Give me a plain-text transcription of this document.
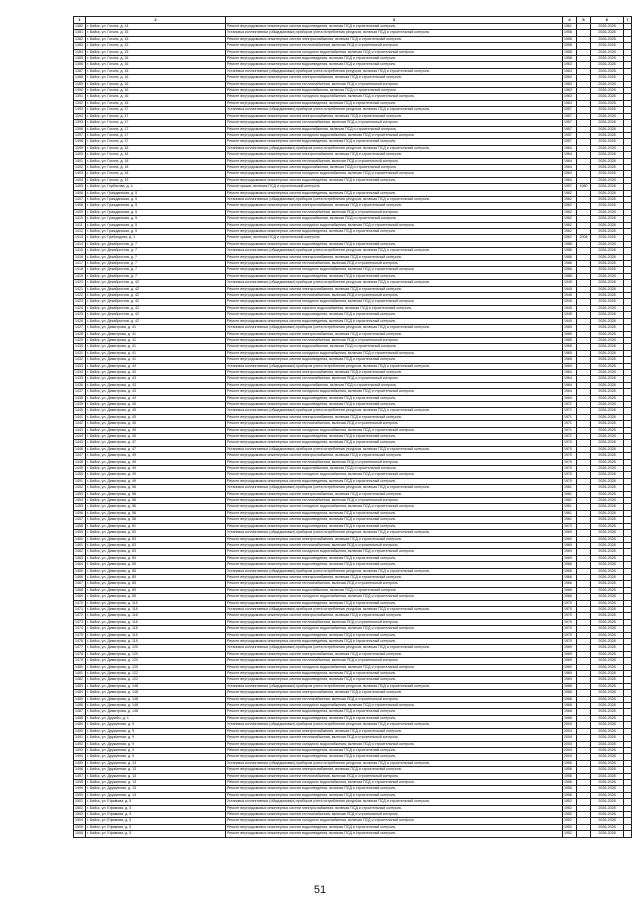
1	2	3	4	5	6	7
1380	г. Бийск, ул. Гоголя, д. 14	Ремонт внутридомовых инженерных систем водоотведения, включая ПСД и строительный контроль	1961		2026-2028	
1381	г. Бийск, ул. Гоголя, д. 15	Установка коллективных (общедомовых) приборов учета потребления ресурсов, включая ПСД и строительный контроль	1958		2026-2028	
1382	г. Бийск, ул. Гоголя, д. 15	Ремонт внутридомовых инженерных систем электроснабжения, включая ПСД и строительный контроль	1958		2026-2028	
1383	г. Бийск, ул. Гоголя, д. 15	Ремонт внутридомовых инженерных систем теплоснабжения, включая ПСД и строительный контроль	1958		2026-2028	
1384	г. Бийск, ул. Гоголя, д. 15	Ремонт внутридомовых инженерных систем холодного водоснабжения, включая ПСД и строительный контроль	1958		2026-2028	
1385	г. Бийск, ул. Гоголя, д. 15	Ремонт внутридомовых инженерных систем водоотведения, включая ПСД и строительный контроль	1958		2026-2028	
1386	г. Бийск, ул. Гоголя, д. 16	Ремонт внутридомовых инженерных систем водоотведения, включая ПСД и строительный контроль	1963		2026-2028	
1387	г. Бийск, ул. Гоголя, д. 16	Установка коллективных (общедомовых) приборов учета потребления ресурсов, включая ПСД и строительный контроль	1963		2026-2028	
1388	г. Бийск, ул. Гоголя, д. 16	Ремонт внутридомовых инженерных систем электроснабжения, включая ПСД и строительный контроль	1963		2026-2028	
1389	г. Бийск, ул. Гоголя, д. 16	Ремонт внутридомовых инженерных систем теплоснабжения, включая ПСД и строительный контроль	1963		2026-2028	
1390	г. Бийск, ул. Гоголя, д. 16	Ремонт внутридомовых инженерных систем водоснабжения, включая ПСД и строительный контроль	1963		2026-2028	
1391	г. Бийск, ул. Гоголя, д. 16	Ремонт внутридомовых инженерных систем холодного водоснабжения, включая ПСД и строительный контроль	1963		2026-2028	
1392	г. Бийск, ул. Гоголя, д. 16	Ремонт внутридомовых инженерных систем водоотведения, включая ПСД и строительный контроль	1963		2026-2028	
1393	г. Бийск, ул. Гоголя, д. 17	Установка коллективных (общедомовых) приборов учета потребления ресурсов, включая ПСД и строительный контроль	1957		2026-2028	
1394	г. Бийск, ул. Гоголя, д. 17	Ремонт внутридомовых инженерных систем электроснабжения, включая ПСД и строительный контроль	1957		2026-2028	
1395	г. Бийск, ул. Гоголя, д. 17	Ремонт внутридомовых инженерных систем теплоснабжения, включая ПСД и строительный контроль	1957		2026-2028	
1396	г. Бийск, ул. Гоголя, д. 17	Ремонт внутридомовых инженерных систем водоснабжения, включая ПСД и строительный контроль	1957		2026-2028	
1397	г. Бийск, ул. Гоголя, д. 17	Ремонт внутридомовых инженерных систем холодного водоснабжения, включая ПСД и строительный контроль	1957		2026-2028	
1398	г. Бийск, ул. Гоголя, д. 17	Ремонт внутридомовых инженерных систем водоотведения, включая ПСД и строительный контроль	1957		2026-2028	
1399	г. Бийск, ул. Гоголя, д. 18	Установка коллективных (общедомовых) приборов учета потребления ресурсов, включая ПСД и строительный контроль	1964		2026-2028	
1400	г. Бийск, ул. Гоголя, д. 18	Ремонт внутридомовых инженерных систем электроснабжения, включая ПСД и строительный контроль	1964		2026-2028	
1401	г. Бийск, ул. Гоголя, д. 18	Ремонт внутридомовых инженерных систем теплоснабжения, включая ПСД и строительный контроль	1964		2026-2028	
1402	г. Бийск, ул. Гоголя, д. 18	Ремонт внутридомовых инженерных систем водоснабжения, включая ПСД и строительный контроль	1964		2026-2028	
1403	г. Бийск, ул. Гоголя, д. 18	Ремонт внутридомовых инженерных систем холодного водоснабжения, включая ПСД и строительный контроль	1964		2026-2028	
1404	г. Бийск, ул. Гоголя, д. 19	Ремонт внутридомовых инженерных систем водоотведения, включая ПСД и строительный контроль	1964		2026-2028	
1405	г. Бийск, ул. Горбатова, д. 4	Ремонт крыши, включая ПСД и строительный контроль	1957	1980	2026-2028	
1406	г. Бийск, ул. Гражданская, д. 5	Ремонт внутридомовых инженерных систем водоотведения, включая ПСД и строительный контроль	1962		2026-2028	
1407	г. Бийск, ул. Гражданская, д. 5	Установка коллективных (общедомовых) приборов учета потребления ресурсов, включая ПСД и строительный контроль	1962		2026-2028	
1408	г. Бийск, ул. Гражданская, д. 5	Ремонт внутридомовых инженерных систем электроснабжения, включая ПСД и строительный контроль	1962		2026-2028	
1409	г. Бийск, ул. Гражданская, д. 5	Ремонт внутридомовых инженерных систем теплоснабжения, включая ПСД и строительный контроль	1962		2026-2028	
1410	г. Бийск, ул. Гражданская, д. 5	Ремонт внутридомовых инженерных систем водоснабжения, включая ПСД и строительный контроль	1962		2026-2028	
1411	г. Бийск, ул. Гражданская, д. 5	Ремонт внутридомовых инженерных систем холодного водоснабжения, включая ПСД и строительный контроль	1962		2026-2028	
1412	г. Бийск, ул. Гражданская, д. 5	Ремонт внутридомовых инженерных систем водоотведения, включая ПСД и строительный контроль	1962		2026-2028	
1413	г. Бийск, ул. Грибоедова, д. 1	Ремонт крыши, включая ПСД и строительный контроль	1962	2008	2026-2028	
1414	г. Бийск, ул. Декабристов, д. 7	Ремонт внутридомовых инженерных систем водоотведения, включая ПСД и строительный контроль	1986		2026-2028	
1415	г. Бийск, ул. Декабристов, д. 7	Установка коллективных (общедомовых) приборов учета потребления ресурсов, включая ПСД и строительный контроль	1986		2026-2028	
1416	г. Бийск, ул. Декабристов, д. 7	Ремонт внутридомовых инженерных систем электроснабжения, включая ПСД и строительный контроль	1986		2026-2028	
1417	г. Бийск, ул. Декабристов, д. 7	Ремонт внутридомовых инженерных систем теплоснабжения, включая ПСД и строительный контроль	1986		2026-2028	
1418	г. Бийск, ул. Декабристов, д. 7	Ремонт внутридомовых инженерных систем холодного водоснабжения, включая ПСД и строительный контроль	1986		2026-2028	
1419	г. Бийск, ул. Декабристов, д. 7	Ремонт внутридомовых инженерных систем водоотведения, включая ПСД и строительный контроль	1986		2026-2028	
1420	г. Бийск, ул. Декабристов, д. 42	Установка коллективных (общедомовых) приборов учета потребления ресурсов, включая ПСД и строительный контроль	1945		2026-2028	
1421	г. Бийск, ул. Декабристов, д. 42	Ремонт внутридомовых инженерных систем электроснабжения, включая ПСД и строительный контроль	1945		2026-2028	
1422	г. Бийск, ул. Декабристов, д. 42	Ремонт внутридомовых инженерных систем теплоснабжения, включая ПСД и строительный контроль	1945		2026-2028	
1423	г. Бийск, ул. Декабристов, д. 42	Ремонт внутридомовых инженерных систем холодного водоснабжения, включая ПСД и строительный контроль	1945		2026-2028	
1424	г. Бийск, ул. Декабристов, д. 42	Ремонт внутридомовых инженерных систем горячего водоснабжения, включая ПСД и строительный контроль	1945		2026-2028	
1425	г. Бийск, ул. Декабристов, д. 42	Ремонт внутридомовых инженерных систем водоотведения, включая ПСД и строительный контроль	1945		2026-2028	
1426	г. Бийск, ул. Декабристов, д. 42	Ремонт внутридомовых инженерных систем водоотведения, включая ПСД и строительный контроль	1945		2026-2028	
1427	г. Бийск, ул. Димитрова, д. 41	Установка коллективных (общедомовых) приборов учета потребления ресурсов, включая ПСД и строительный контроль	1965		2026-2028	
1428	г. Бийск, ул. Димитрова, д. 41	Ремонт внутридомовых инженерных систем электроснабжения, включая ПСД и строительный контроль	1965		2026-2028	
1429	г. Бийск, ул. Димитрова, д. 41	Ремонт внутридомовых инженерных систем теплоснабжения, включая ПСД и строительный контроль	1965		2026-2028	
1430	г. Бийск, ул. Димитрова, д. 41	Ремонт внутридомовых инженерных систем водоснабжения, включая ПСД и строительный контроль	1965		2026-2028	
1431	г. Бийск, ул. Димитрова, д. 41	Ремонт внутридомовых инженерных систем холодного водоснабжения, включая ПСД и строительный контроль	1965		2026-2028	
1432	г. Бийск, ул. Димитрова, д. 41	Ремонт внутридомовых инженерных систем водоотведения, включая ПСД и строительный контроль	1965		2026-2028	
1433	г. Бийск, ул. Димитрова, д. 43	Установка коллективных (общедомовых) приборов учета потребления ресурсов, включая ПСД и строительный контроль	1964		2026-2028	
1434	г. Бийск, ул. Димитрова, д. 43	Ремонт внутридомовых инженерных систем электроснабжения, включая ПСД и строительный контроль	1964		2026-2028	
1435	г. Бийск, ул. Димитрова, д. 43	Ремонт внутридомовых инженерных систем теплоснабжения, включая ПСД и строительный контроль	1964		2026-2028	
1436	г. Бийск, ул. Димитрова, д. 43	Ремонт внутридомовых инженерных систем водоснабжения, включая ПСД и строительный контроль	1964		2026-2028	
1437	г. Бийск, ул. Димитрова, д. 43	Ремонт внутридомовых инженерных систем холодного водоснабжения, включая ПСД и строительный контроль	1964		2026-2028	
1438	г. Бийск, ул. Димитрова, д. 43	Ремонт внутридомовых инженерных систем водоотведения, включая ПСД и строительный контроль	1964		2026-2028	
1439	г. Бийск, ул. Димитрова, д. 45	Ремонт внутридомовых инженерных систем водоотведения, включая ПСД и строительный контроль	1971		2026-2028	
1440	г. Бийск, ул. Димитрова, д. 45	Установка коллективных (общедомовых) приборов учета потребления ресурсов, включая ПСД и строительный контроль	1971		2026-2028	
1441	г. Бийск, ул. Димитрова, д. 45	Ремонт внутридомовых инженерных систем электроснабжения, включая ПСД и строительный контроль	1971		2026-2028	
1442	г. Бийск, ул. Димитрова, д. 45	Ремонт внутридомовых инженерных систем теплоснабжения, включая ПСД и строительный контроль	1971		2026-2028	
1443	г. Бийск, ул. Димитрова, д. 45	Ремонт внутридомовых инженерных систем холодного водоснабжения, включая ПСД и строительный контроль	1971		2026-2028	
1444	г. Бийск, ул. Димитрова, д. 45	Ремонт внутридомовых инженерных систем водоотведения, включая ПСД и строительный контроль	1971		2026-2028	
1445	г. Бийск, ул. Димитрова, д. 47	Ремонт внутридомовых инженерных систем водоотведения, включая ПСД и строительный контроль	1970		2026-2028	
1446	г. Бийск, ул. Димитрова, д. 47	Установка коллективных (общедомовых) приборов учета потребления ресурсов, включая ПСД и строительный контроль	1970		2026-2028	
1447	г. Бийск, ул. Димитрова, д. 49	Ремонт внутридомовых инженерных систем электроснабжения, включая ПСД и строительный контроль	1970		2026-2028	
1448	г. Бийск, ул. Димитрова, д. 49	Ремонт внутридомовых инженерных систем теплоснабжения, включая ПСД и строительный контроль	1970		2026-2028	
1449	г. Бийск, ул. Димитрова, д. 49	Ремонт внутридомовых инженерных систем водоснабжения, включая ПСД и строительный контроль	1970		2026-2028	
1450	г. Бийск, ул. Димитрова, д. 49	Ремонт внутридомовых инженерных систем холодного водоснабжения, включая ПСД и строительный контроль	1970		2026-2028	
1451	г. Бийск, ул. Димитрова, д. 49	Ремонт внутридомовых инженерных систем водоотведения, включая ПСД и строительный контроль	1970		2026-2028	
1452	г. Бийск, ул. Димитрова, д. 56	Установка коллективных (общедомовых) приборов учета потребления ресурсов, включая ПСД и строительный контроль	1961		2026-2028	
1453	г. Бийск, ул. Димитрова, д. 56	Ремонт внутридомовых инженерных систем электроснабжения, включая ПСД и строительный контроль	1961		2026-2028	
1454	г. Бийск, ул. Димитрова, д. 56	Ремонт внутридомовых инженерных систем теплоснабжения, включая ПСД и строительный контроль	1961		2026-2028	
1455	г. Бийск, ул. Димитрова, д. 56	Ремонт внутридомовых инженерных систем холодного водоснабжения, включая ПСД и строительный контроль	1961		2026-2028	
1456	г. Бийск, ул. Димитрова, д. 56	Ремонт внутридомовых инженерных систем водоотведения, включая ПСД и строительный контроль	1961		2026-2028	
1457	г. Бийск, ул. Димитрова, д. 56	Ремонт внутридомовых инженерных систем водоотведения, включая ПСД и строительный контроль	1961		2026-2028	
1458	г. Бийск, ул. Димитрова, д. 81	Ремонт внутридомовых инженерных систем водоотведения, включая ПСД и строительный контроль	1973		2026-2028	
1459	г. Бийск, ул. Димитрова, д. 83	Установка коллективных (общедомовых) приборов учета потребления ресурсов, включая ПСД и строительный контроль	1969		2026-2028	
1460	г. Бийск, ул. Димитрова, д. 83	Ремонт внутридомовых инженерных систем электроснабжения, включая ПСД и строительный контроль	1969		2026-2028	
1461	г. Бийск, ул. Димитрова, д. 83	Ремонт внутридомовых инженерных систем теплоснабжения, включая ПСД и строительный контроль	1969		2026-2028	
1462	г. Бийск, ул. Димитрова, д. 83	Ремонт внутридомовых инженерных систем холодного водоснабжения, включая ПСД и строительный контроль	1969		2026-2028	
1463	г. Бийск, ул. Димитрова, д. 83	Ремонт внутридомовых инженерных систем водоотведения, включая ПСД и строительный контроль	1969		2026-2028	
1464	г. Бийск, ул. Димитрова, д. 85	Ремонт внутридомовых инженерных систем водоотведения, включая ПСД и строительный контроль	1966		2026-2028	
1465	г. Бийск, ул. Димитрова, д. 85	Установка коллективных (общедомовых) приборов учета потребления ресурсов, включая ПСД и строительный контроль	1966		2026-2028	
1466	г. Бийск, ул. Димитрова, д. 85	Ремонт внутридомовых инженерных систем электроснабжения, включая ПСД и строительный контроль	1966		2026-2028	
1467	г. Бийск, ул. Димитрова, д. 85	Ремонт внутридомовых инженерных систем теплоснабжения, включая ПСД и строительный контроль	1966		2026-2028	
1468	г. Бийск, ул. Димитрова, д. 85	Ремонт внутридомовых инженерных систем водоснабжения, включая ПСД и строительный контроль	1966		2026-2028	
1469	г. Бийск, ул. Димитрова, д. 85	Ремонт внутридомовых инженерных систем холодного водоснабжения, включая ПСД и строительный контроль	1966		2026-2028	
1470	г. Бийск, ул. Димитрова, д. 118	Ремонт внутридомовых инженерных систем водоотведения, включая ПСД и строительный контроль	1970		2026-2028	
1471	г. Бийск, ул. Димитрова, д. 118	Установка коллективных (общедомовых) приборов учета потребления ресурсов, включая ПСД и строительный контроль	1970		2026-2028	
1472	г. Бийск, ул. Димитрова, д. 118	Ремонт внутридомовых инженерных систем электроснабжения, включая ПСД и строительный контроль	1970		2026-2028	
1473	г. Бийск, ул. Димитрова, д. 118	Ремонт внутридомовых инженерных систем теплоснабжения, включая ПСД и строительный контроль	1970		2026-2028	
1474	г. Бийск, ул. Димитрова, д. 118	Ремонт внутридомовых инженерных систем холодного водоснабжения, включая ПСД и строительный контроль	1970		2026-2028	
1475	г. Бийск, ул. Димитрова, д. 118	Ремонт внутридомовых инженерных систем водоотведения, включая ПСД и строительный контроль	1970		2026-2028	
1476	г. Бийск, ул. Димитрова, д. 118	Ремонт внутридомовых инженерных систем водоотведения, включая ПСД и строительный контроль	1970		2026-2028	
1477	г. Бийск, ул. Димитрова, д. 120	Установка коллективных (общедомовых) приборов учета потребления ресурсов, включая ПСД и строительный контроль	1969		2026-2028	
1478	г. Бийск, ул. Димитрова, д. 120	Ремонт внутридомовых инженерных систем электроснабжения, включая ПСД и строительный контроль	1969		2026-2028	
1479	г. Бийск, ул. Димитрова, д. 120	Ремонт внутридомовых инженерных систем теплоснабжения, включая ПСД и строительный контроль	1969		2026-2028	
1480	г. Бийск, ул. Димитрова, д. 120	Ремонт внутридомовых инженерных систем холодного водоснабжения, включая ПСД и строительный контроль	1969		2026-2028	
1481	г. Бийск, ул. Димитрова, д. 122	Ремонт внутридомовых инженерных систем водоотведения, включая ПСД и строительный контроль	1969		2026-2028	
1482	г. Бийск, ул. Димитрова, д. 122	Ремонт внутридомовых инженерных систем водоотведения, включая ПСД и строительный контроль	1969		2026-2028	
1483	г. Бийск, ул. Димитрова, д. 148	Установка коллективных (общедомовых) приборов учета потребления ресурсов, включая ПСД и строительный контроль	1968		2026-2028	
1484	г. Бийск, ул. Димитрова, д. 148	Ремонт внутридомовых инженерных систем электроснабжения, включая ПСД и строительный контроль	1968		2026-2028	
1485	г. Бийск, ул. Димитрова, д. 148	Ремонт внутридомовых инженерных систем теплоснабжения, включая ПСД и строительный контроль	1968		2026-2028	
1486	г. Бийск, ул. Димитрова, д. 148	Ремонт внутридомовых инженерных систем холодного водоснабжения, включая ПСД и строительный контроль	1968		2026-2028	
1487	г. Бийск, ул. Димитрова, д. 148	Ремонт внутридомовых инженерных систем водоотведения, включая ПСД и строительный контроль	1968		2026-2028	
1488	г. Бийск, ул. Дружбы, д. 1	Ремонт внутридомовых инженерных систем водоотведения, включая ПСД и строительный контроль	1968		2026-2028	
1489	г. Бийск, ул. Дружинная, д. 9	Установка коллективных (общедомовых) приборов учета потребления ресурсов, включая ПСД и строительный контроль	2004		2026-2028	
1490	г. Бийск, ул. Дружинная, д. 9	Ремонт внутридомовых инженерных систем электроснабжения, включая ПСД и строительный контроль	2004		2026-2028	
1491	г. Бийск, ул. Дружинная, д. 9	Ремонт внутридомовых инженерных систем теплоснабжения, включая ПСД и строительный контроль	2004		2026-2028	
1492	г. Бийск, ул. Дружинная, д. 9	Ремонт внутридомовых инженерных систем холодного водоснабжения, включая ПСД и строительный контроль	2004		2026-2028	
1493	г. Бийск, ул. Дружинная, д. 9	Ремонт внутридомовых инженерных систем водоотведения, включая ПСД и строительный контроль	2004		2026-2028	
1494	г. Бийск, ул. Дружинная, д. 9	Ремонт внутридомовых инженерных систем водоотведения, включая ПСД и строительный контроль	2004		2026-2028	
1495	г. Бийск, ул. Дружинная, д. 13	Установка коллективных (общедомовых) приборов учета потребления ресурсов, включая ПСД и строительный контроль	1956		2026-2028	
1496	г. Бийск, ул. Дружинная, д. 13	Ремонт внутридомовых инженерных систем электроснабжения, включая ПСД и строительный контроль	1956		2026-2028	
1497	г. Бийск, ул. Дружинная, д. 13	Ремонт внутридомовых инженерных систем теплоснабжения, включая ПСД и строительный контроль	1956		2026-2028	
1498	г. Бийск, ул. Дружинная, д. 13	Ремонт внутридомовых инженерных систем холодного водоснабжения, включая ПСД и строительный контроль	1956		2026-2028	
1499	г. Бийск, ул. Дружинная, д. 13	Ремонт внутридомовых инженерных систем водоотведения, включая ПСД и строительный контроль	1956		2026-2028	
1500	г. Бийск, ул. Дружинная, д. 13	Ремонт внутридомовых инженерных систем водоотведения, включая ПСД и строительный контроль	1956		2026-2028	
1501	г. Бийск, ул. Ефимова, д. 5	Установка коллективных (общедомовых) приборов учета потребления ресурсов, включая ПСД и строительный контроль	1952		2026-2028	
1502	г. Бийск, ул. Ефимова, д. 5	Ремонт внутридомовых инженерных систем электроснабжения, включая ПСД и строительный контроль	1952		2026-2028	
1503	г. Бийск, ул. Ефимова, д. 5	Ремонт внутридомовых инженерных систем теплоснабжения, включая ПСД и строительный контроль	1952		2026-2028	
1504	г. Бийск, ул. Ефимова, д. 5	Ремонт внутридомовых инженерных систем холодного водоснабжения, включая ПСД и строительный контроль	1952		2026-2028	
1505	г. Бийск, ул. Ефимова, д. 5	Ремонт внутридомовых инженерных систем водоотведения, включая ПСД и строительный контроль	1952		2026-2028	
1506	г. Бийск, ул. Ефимова, д. 5	Ремонт внутридомовых инженерных систем водоотведения, включая ПСД и строительный контроль	1952		2026-2028	
51
